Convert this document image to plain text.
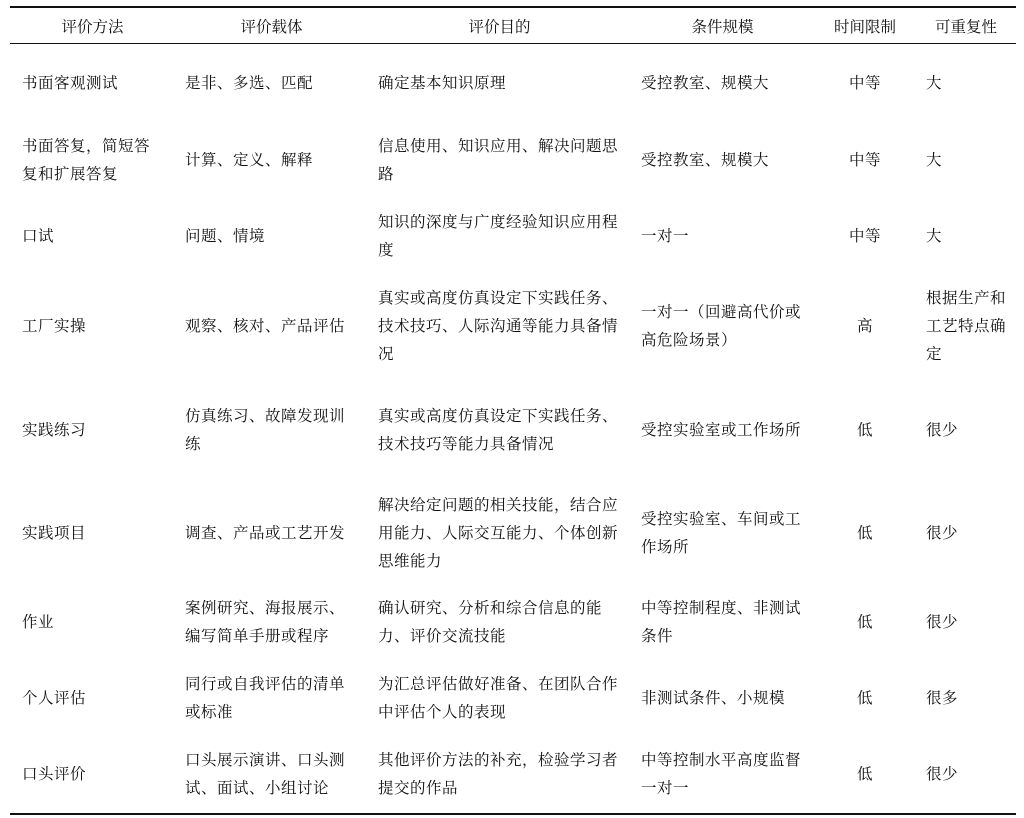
评价方法	评价载体	评价目的	条件规模	时间限制	可重复性
书面客观测试	是非、多选、匹配	确定基本知识原理	受控教室、规模大	中等	大
书面答复，简短答复和扩展答复	计算、定义、解释	信息使用、知识应用、解决问题思路	受控教室、规模大	中等	大
口试	问题、情境	知识的深度与广度经验知识应用程度	一对一	中等	大
工厂实操	观察、核对、产品评估	真实或高度仿真设定下实践任务、技术技巧、人际沟通等能力具备情况	一对一（回避高代价或高危险场景）	高	根据生产和工艺特点确定
实践练习	仿真练习、故障发现训练	真实或高度仿真设定下实践任务、技术技巧等能力具备情况	受控实验室或工作场所	低	很少
实践项目	调查、产品或工艺开发	解决给定问题的相关技能，结合应用能力、人际交互能力、个体创新思维能力	受控实验室、车间或工作场所	低	很少
作业	案例研究、海报展示、编写简单手册或程序	确认研究、分析和综合信息的能力、评价交流技能	中等控制程度、非测试条件	低	很少
个人评估	同行或自我评估的清单或标准	为汇总评估做好准备、在团队合作中评估个人的表现	非测试条件、小规模	低	很多
口头评价	口头展示演讲、口头测试、面试、小组讨论	其他评价方法的补充，检验学习者提交的作品	中等控制水平高度监督一对一	低	很少
